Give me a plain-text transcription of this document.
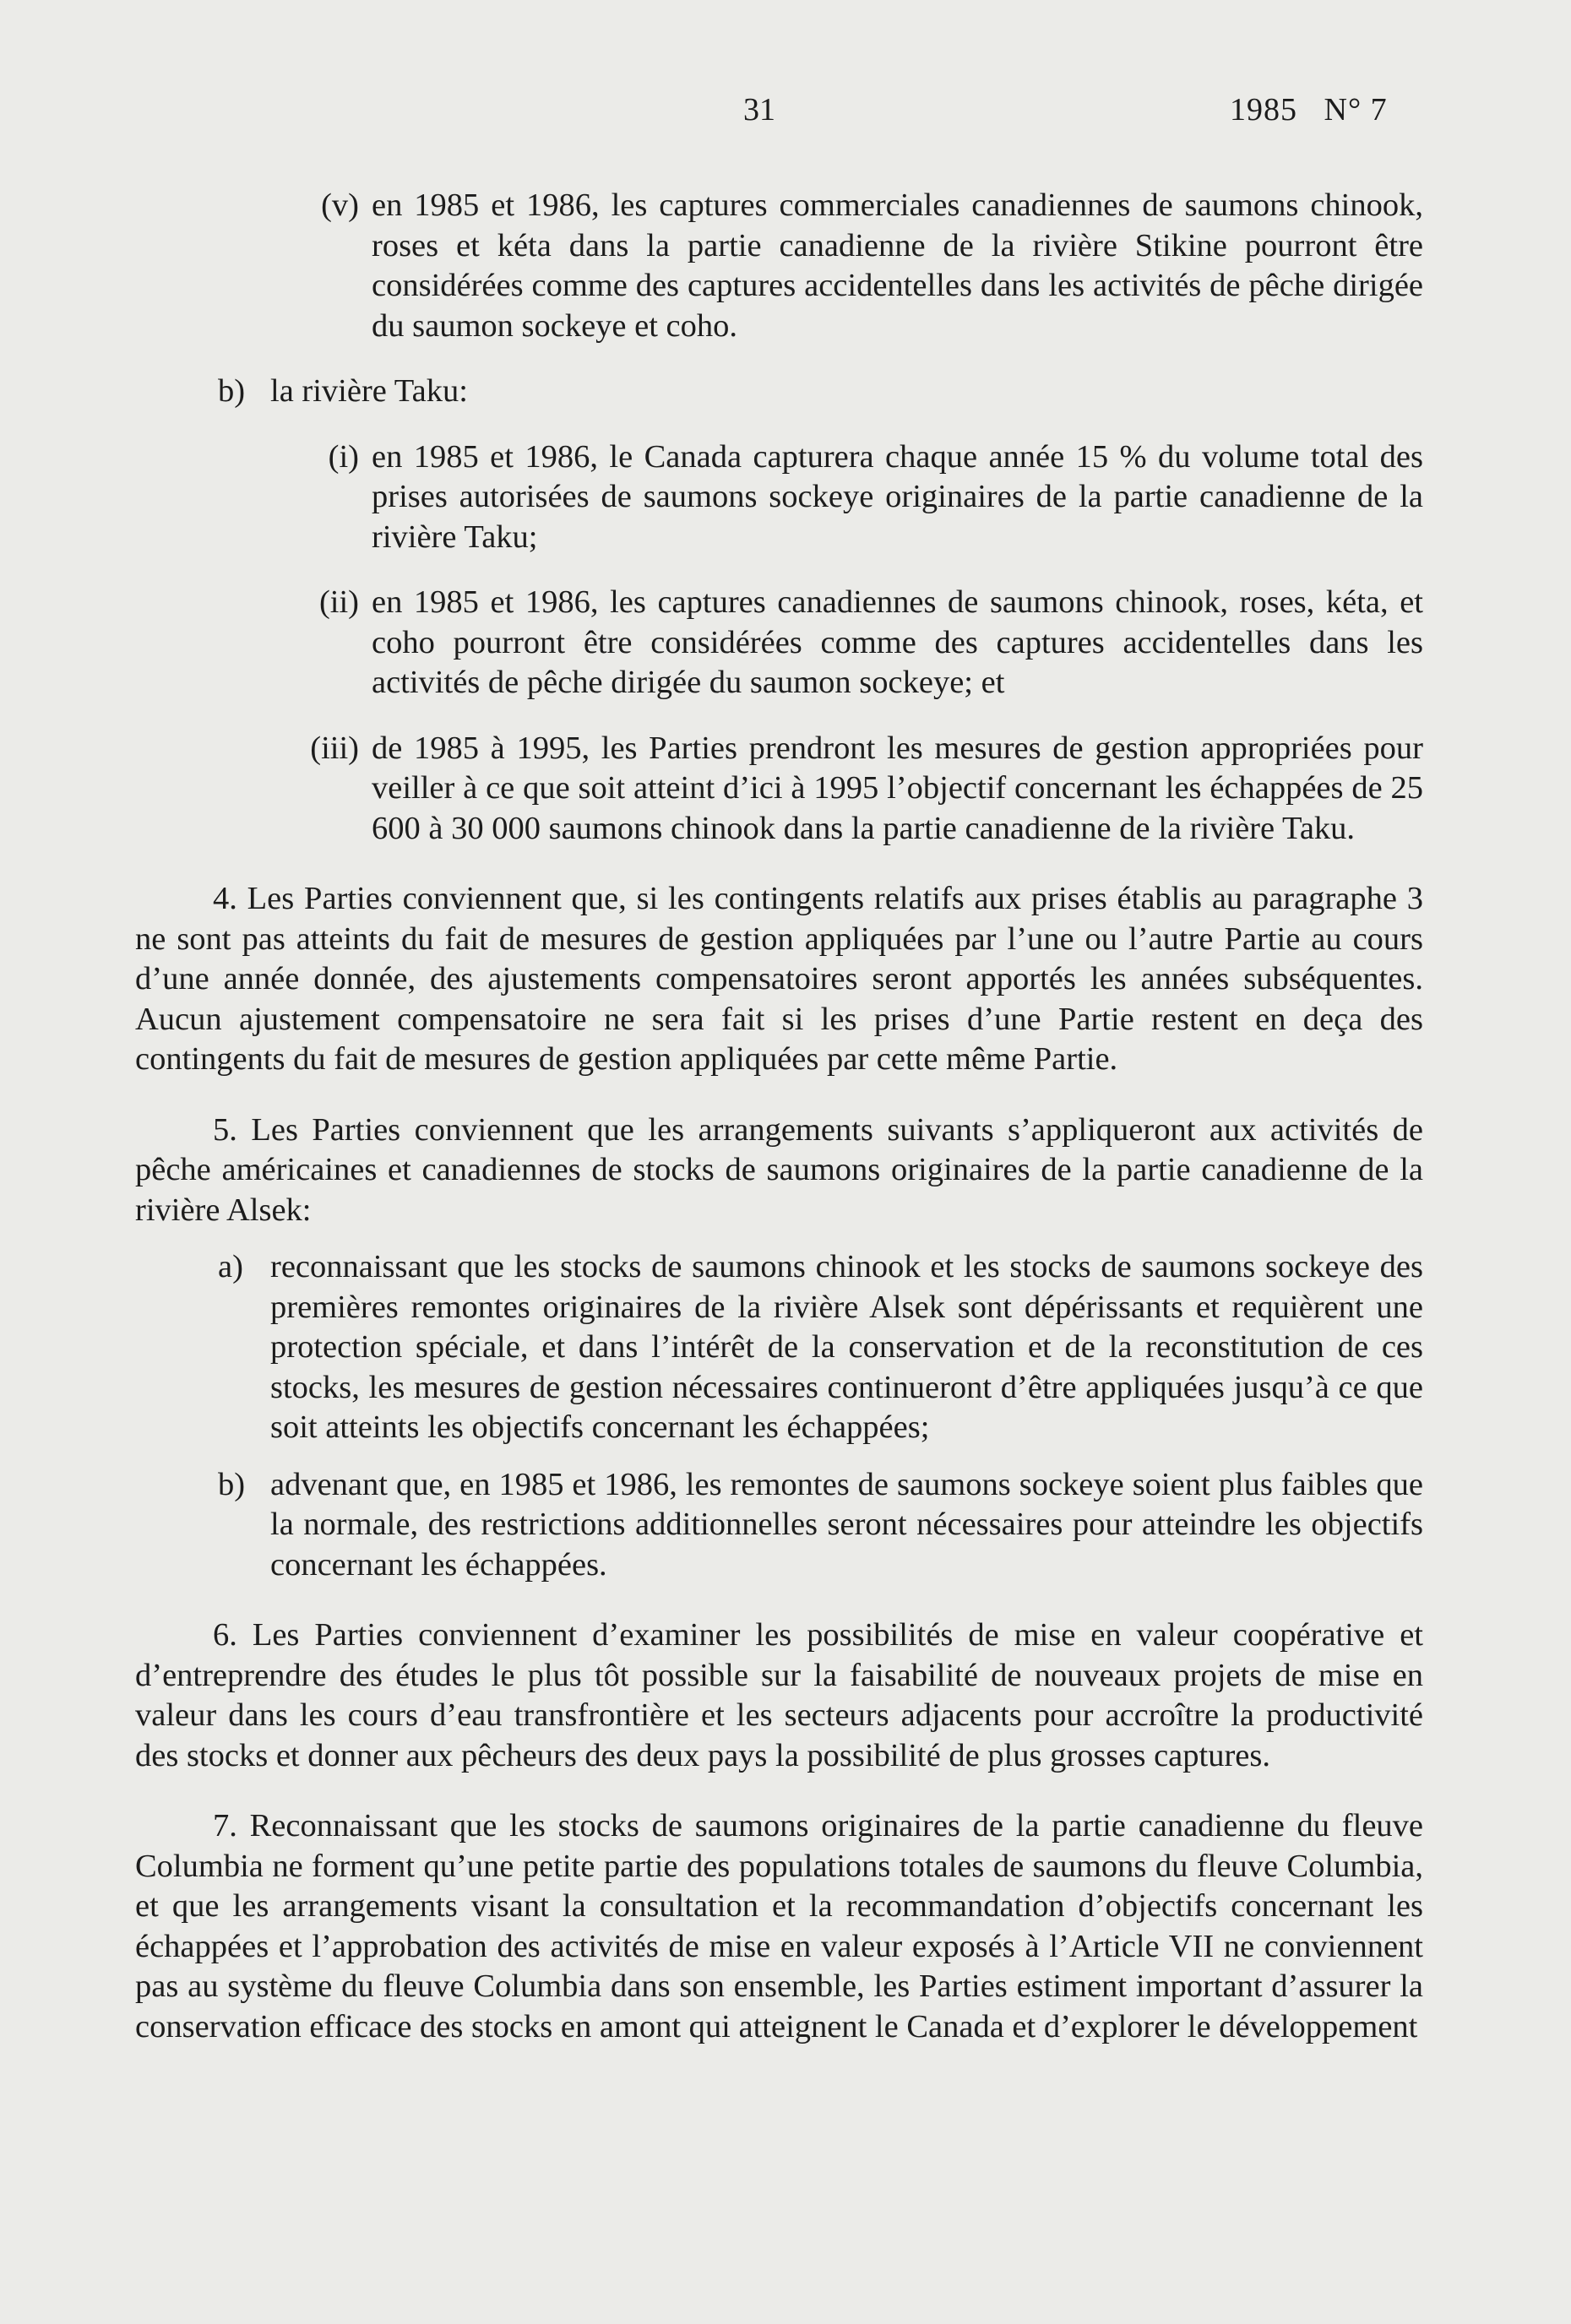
31	1985   N° 7
(v) en 1985 et 1986, les captures commerciales canadiennes de saumons chinook, roses et kéta dans la partie canadienne de la rivière Stikine pourront être considérées comme des captures accidentelles dans les activités de pêche dirigée du saumon sockeye et coho.
b) la rivière Taku:
(i) en 1985 et 1986, le Canada capturera chaque année 15 % du volume total des prises autorisées de saumons sockeye originaires de la partie canadienne de la rivière Taku;
(ii) en 1985 et 1986, les captures canadiennes de saumons chinook, roses, kéta, et coho pourront être considérées comme des captures accidentelles dans les activités de pêche dirigée du saumon sockeye; et
(iii) de 1985 à 1995, les Parties prendront les mesures de gestion appropriées pour veiller à ce que soit atteint d’ici à 1995 l’objectif concernant les échappées de 25 600 à 30 000 saumons chinook dans la partie canadienne de la rivière Taku.

4. Les Parties conviennent que, si les contingents relatifs aux prises établis au paragraphe 3 ne sont pas atteints du fait de mesures de gestion appliquées par l’une ou l’autre Partie au cours d’une année donnée, des ajustements compensatoires seront apportés les années subséquentes. Aucun ajustement compensatoire ne sera fait si les prises d’une Partie restent en deça des contingents du fait de mesures de gestion appliquées par cette même Partie.

5. Les Parties conviennent que les arrangements suivants s’appliqueront aux activités de pêche américaines et canadiennes de stocks de saumons originaires de la partie canadienne de la rivière Alsek:

a) reconnaissant que les stocks de saumons chinook et les stocks de saumons sockeye des premières remontes originaires de la rivière Alsek sont dépérissants et requièrent une protection spéciale, et dans l’intérêt de la conservation et de la reconstitution de ces stocks, les mesures de gestion nécessaires continueront d’être appliquées jusqu’à ce que soit atteints les objectifs concernant les échappées;
b) advenant que, en 1985 et 1986, les remontes de saumons sockeye soient plus faibles que la normale, des restrictions additionnelles seront nécessaires pour atteindre les objectifs concernant les échappées.

6. Les Parties conviennent d’examiner les possibilités de mise en valeur coopérative et d’entreprendre des études le plus tôt possible sur la faisabilité de nouveaux projets de mise en valeur dans les cours d’eau transfrontière et les secteurs adjacents pour accroître la productivité des stocks et donner aux pêcheurs des deux pays la possibilité de plus grosses captures.

7. Reconnaissant que les stocks de saumons originaires de la partie canadienne du fleuve Columbia ne forment qu’une petite partie des populations totales de saumons du fleuve Columbia, et que les arrangements visant la consultation et la recommandation d’objectifs concernant les échappées et l’approbation des activités de mise en valeur exposés à l’Article VII ne conviennent pas au système du fleuve Columbia dans son ensemble, les Parties estiment important d’assurer la conservation efficace des stocks en amont qui atteignent le Canada et d’explorer le développement
